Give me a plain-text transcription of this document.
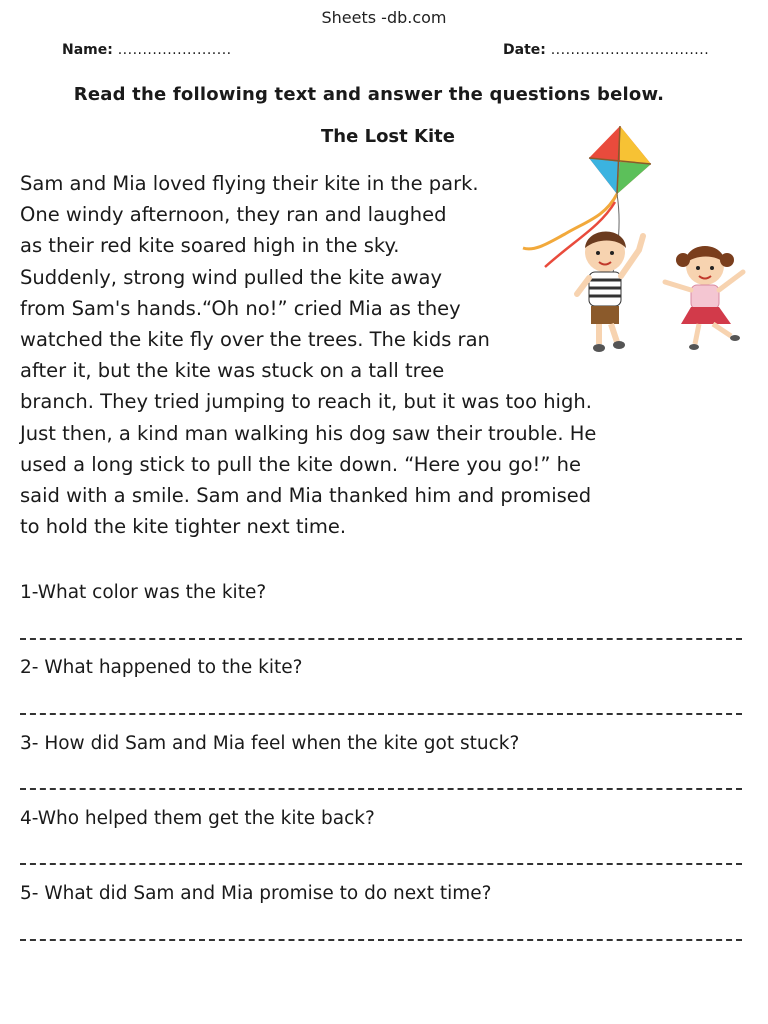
Sheets -db.com
Name: .......................	Date: ................................
Read the following text and answer the questions below.
The Lost Kite
Sam and Mia loved flying their kite in the park.
One windy afternoon, they ran and laughed
as their red kite soared high in the sky.
Suddenly, strong wind pulled the kite away
from Sam's hands.“Oh no!” cried Mia as they
watched the kite fly over the trees. The kids ran
after it, but the kite was stuck on a tall tree
branch. They tried jumping to reach it, but it was too high.
Just then, a kind man walking his dog saw their trouble. He
used a long stick to pull the kite down. “Here you go!” he
said with a smile. Sam and Mia thanked him and promised
to hold the kite tighter next time.
1-What color was the kite?
2- What happened to the kite?
3- How did Sam and Mia feel when the kite got stuck?
4-Who helped them get the kite back?
5- What did Sam and Mia promise to do next time?
